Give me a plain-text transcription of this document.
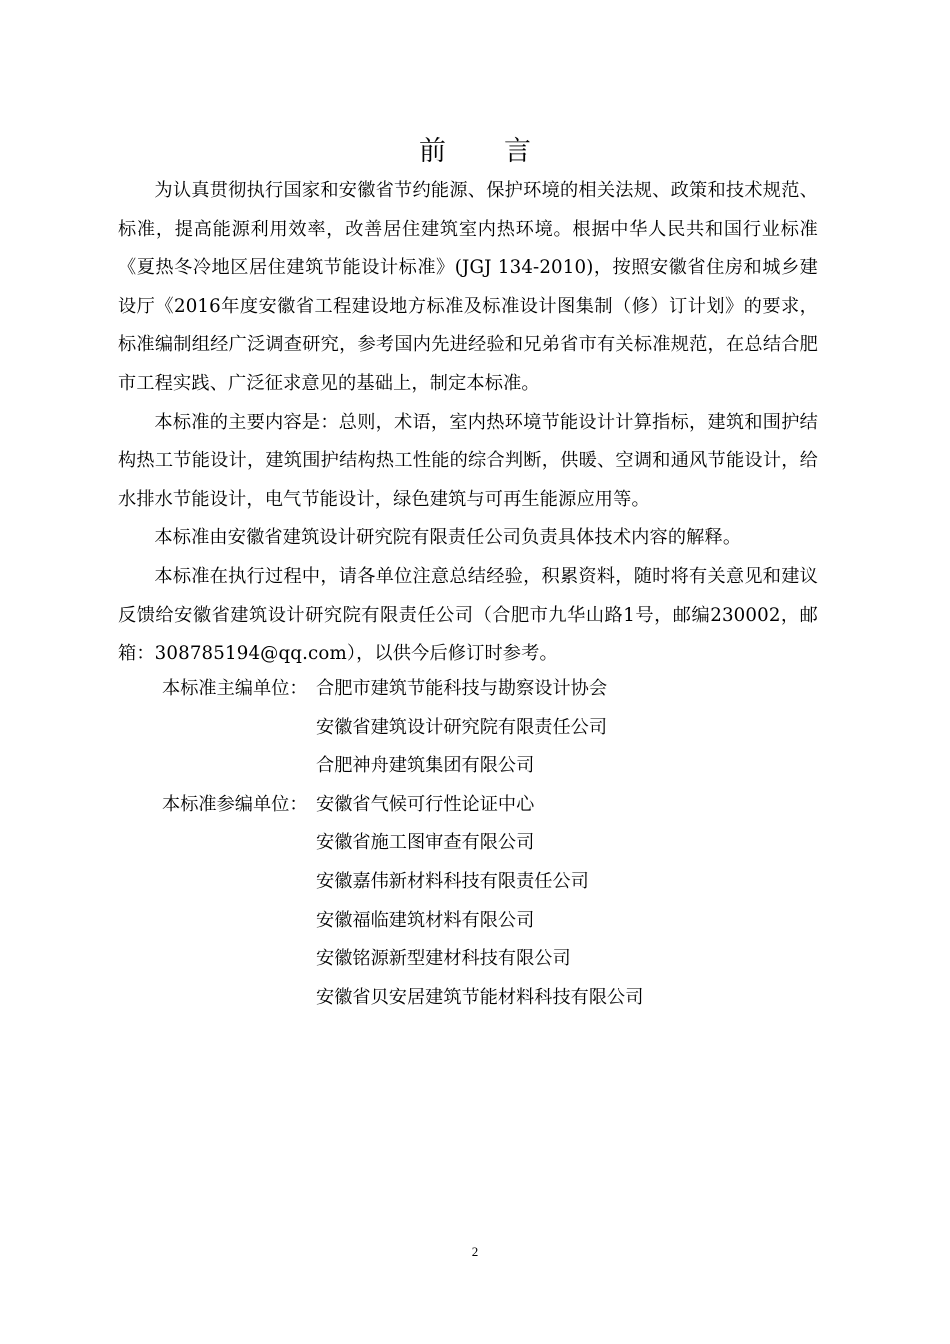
前 言

为认真贯彻执行国家和安徽省节约能源、保护环境的相关法规、政策和技术规范、标准，提高能源利用效率，改善居住建筑室内热环境。根据中华人民共和国行业标准《夏热冬冷地区居住建筑节能设计标准》(JGJ 134-2010)，按照安徽省住房和城乡建设厅《2016年度安徽省工程建设地方标准及标准设计图集制（修）订计划》的要求，标准编制组经广泛调查研究，参考国内先进经验和兄弟省市有关标准规范，在总结合肥市工程实践、广泛征求意见的基础上，制定本标准。

本标准的主要内容是：总则，术语，室内热环境节能设计计算指标，建筑和围护结构热工节能设计，建筑围护结构热工性能的综合判断，供暖、空调和通风节能设计，给水排水节能设计，电气节能设计，绿色建筑与可再生能源应用等。

本标准由安徽省建筑设计研究院有限责任公司负责具体技术内容的解释。

本标准在执行过程中，请各单位注意总结经验，积累资料，随时将有关意见和建议反馈给安徽省建筑设计研究院有限责任公司（合肥市九华山路1号，邮编230002，邮箱：308785194@qq.com），以供今后修订时参考。

本标准主编单位： 合肥市建筑节能科技与勘察设计协会
安徽省建筑设计研究院有限责任公司
合肥神舟建筑集团有限公司
本标准参编单位： 安徽省气候可行性论证中心
安徽省施工图审查有限公司
安徽嘉伟新材料科技有限责任公司
安徽福临建筑材料有限公司
安徽铭源新型建材科技有限公司
安徽省贝安居建筑节能材料科技有限公司
2
